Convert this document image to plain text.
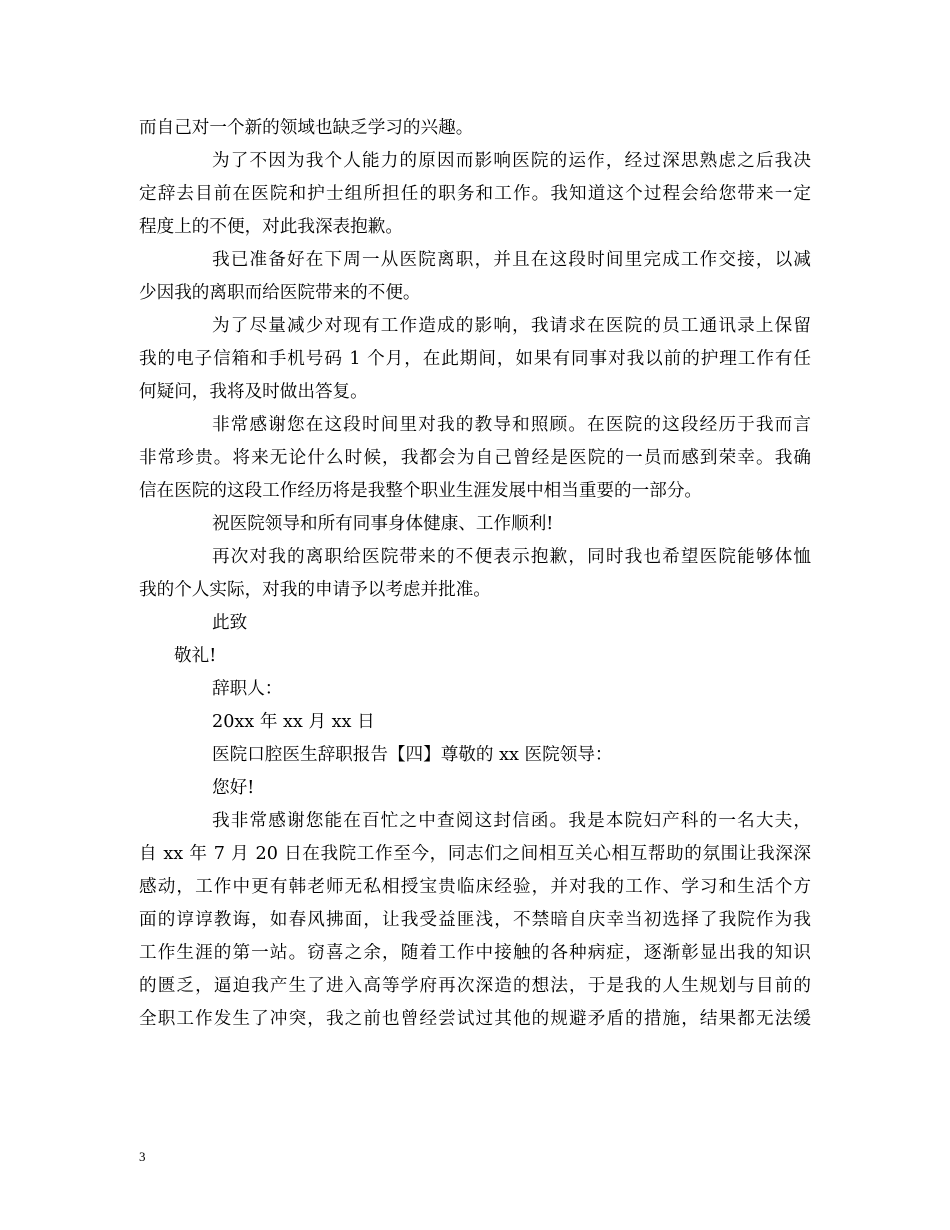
而自己对一个新的领域也缺乏学习的兴趣。
为了不因为我个人能力的原因而影响医院的运作，经过深思熟虑之后我决
定辞去目前在医院和护士组所担任的职务和工作。我知道这个过程会给您带来一定
程度上的不便，对此我深表抱歉。
我已准备好在下周一从医院离职，并且在这段时间里完成工作交接，以减
少因我的离职而给医院带来的不便。
为了尽量减少对现有工作造成的影响，我请求在医院的员工通讯录上保留
我的电子信箱和手机号码 1 个月，在此期间，如果有同事对我以前的护理工作有任
何疑问，我将及时做出答复。
非常感谢您在这段时间里对我的教导和照顾。在医院的这段经历于我而言
非常珍贵。将来无论什么时候，我都会为自己曾经是医院的一员而感到荣幸。我确
信在医院的这段工作经历将是我整个职业生涯发展中相当重要的一部分。
祝医院领导和所有同事身体健康、工作顺利!
再次对我的离职给医院带来的不便表示抱歉，同时我也希望医院能够体恤
我的个人实际，对我的申请予以考虑并批准。
此致
敬礼!
辞职人：
20xx 年 xx 月 xx 日
医院口腔医生辞职报告【四】尊敬的 xx 医院领导：
您好!
我非常感谢您能在百忙之中查阅这封信函。我是本院妇产科的一名大夫，
自 xx 年 7 月 20 日在我院工作至今，同志们之间相互关心相互帮助的氛围让我深深
感动，工作中更有韩老师无私相授宝贵临床经验，并对我的工作、学习和生活个方
面的谆谆教诲，如春风拂面，让我受益匪浅，不禁暗自庆幸当初选择了我院作为我
工作生涯的第一站。窃喜之余，随着工作中接触的各种病症，逐渐彰显出我的知识
的匮乏，逼迫我产生了进入高等学府再次深造的想法，于是我的人生规划与目前的
全职工作发生了冲突，我之前也曾经尝试过其他的规避矛盾的措施，结果都无法缓
3
